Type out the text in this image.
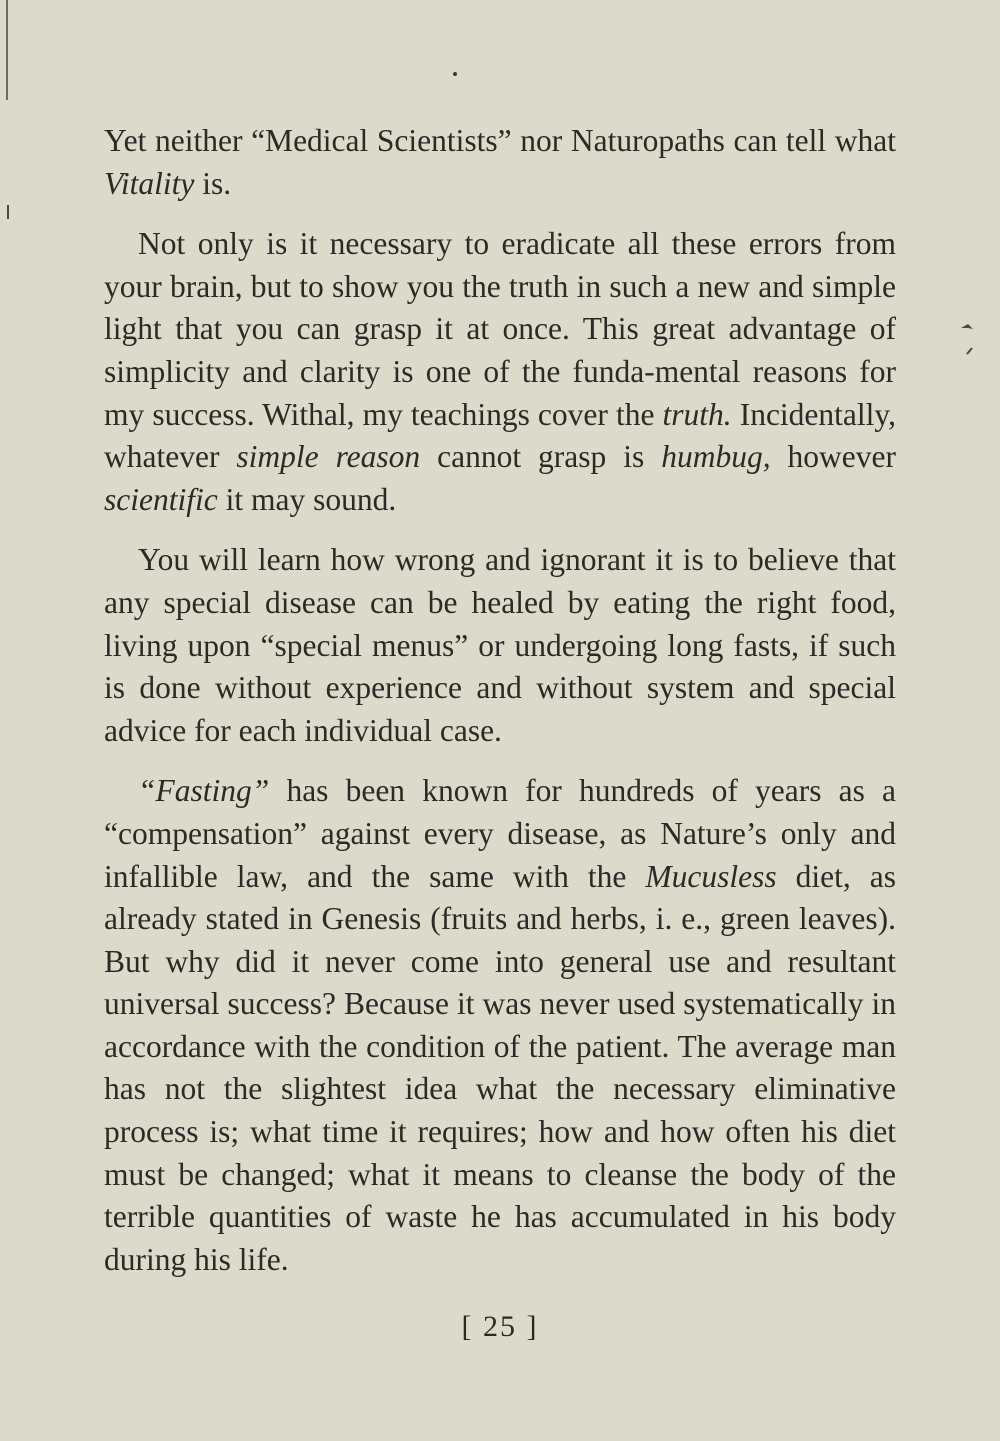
Yet neither “Medical Scientists” nor Naturopaths can tell what Vitality is.

Not only is it necessary to eradicate all these errors from your brain, but to show you the truth in such a new and simple light that you can grasp it at once. This great advantage of simplicity and clarity is one of the funda-mental reasons for my success. Withal, my teachings cover the truth. Incidentally, whatever simple reason cannot grasp is humbug, however scientific it may sound.

You will learn how wrong and ignorant it is to believe that any special disease can be healed by eating the right food, living upon “special menus” or undergoing long fasts, if such is done without experience and without system and special advice for each individual case.

“Fasting” has been known for hundreds of years as a “compensation” against every disease, as Nature’s only and infallible law, and the same with the Mucusless diet, as already stated in Genesis (fruits and herbs, i. e., green leaves). But why did it never come into general use and resultant universal success? Because it was never used systematically in accordance with the condition of the patient. The average man has not the slightest idea what the necessary eliminative process is; what time it requires; how and how often his diet must be changed; what it means to cleanse the body of the terrible quantities of waste he has accumulated in his body during his life.

[ 25 ]
